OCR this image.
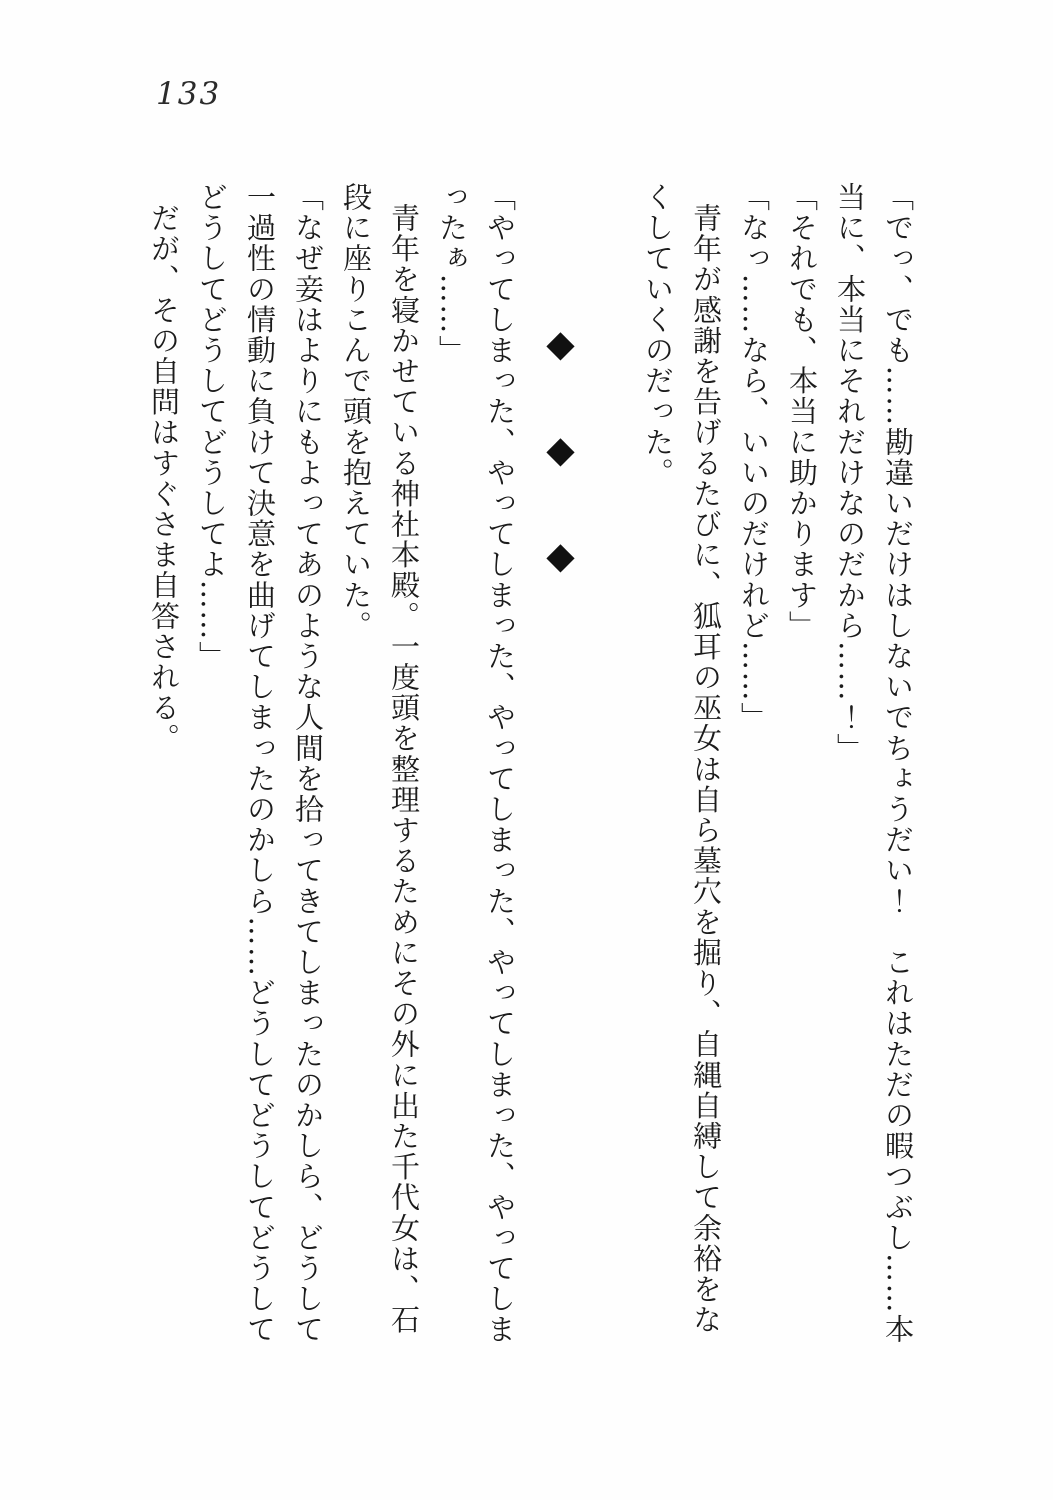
133

「でっ、でも……勘違いだけはしないでちょうだい！　これはただの暇つぶし……本

当に、本当にそれだけなのだから……！」

「それでも、本当に助かります」

「なっ……なら、いいのだけれど……」

青年が感謝を告げるたびに、狐耳の巫女は自ら墓穴を掘り、自縄自縛して余裕をな

くしていくのだった。

◆◆◆

「やってしまった、やってしまった、やってしまった、やってしまった、やってしま

ったぁ……」

青年を寝かせている神社本殿。一度頭を整理するためにその外に出た千代女は、石

段に座りこんで頭を抱えていた。

「なぜ妾はよりにもよってあのような人間を拾ってきてしまったのかしら、どうして

一過性の情動に負けて決意を曲げてしまったのかしら……どうしてどうしてどうして

どうしてどうしてどうしてよ……」

だが、その自問はすぐさま自答される。
